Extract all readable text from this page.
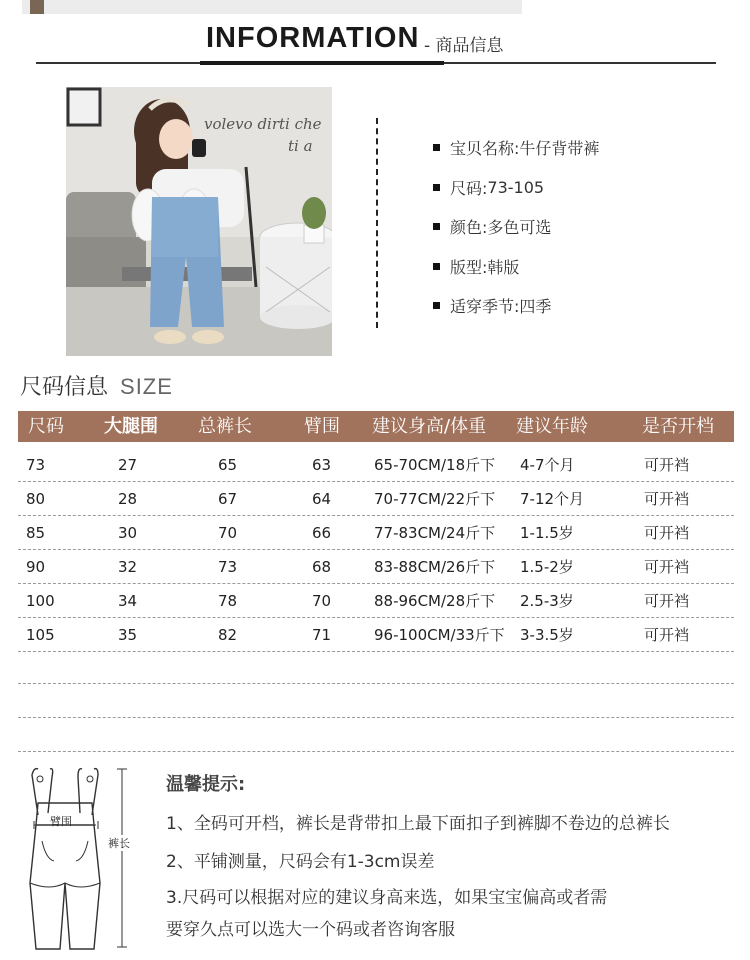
INFORMATION - 商品信息
volevo dirti che
ti a	宝贝名称: 牛仔背带裤
尺码: 73-105
颜色: 多色可选
版型: 韩版
适穿季节: 四季
尺码信息 SIZE
尺码 大腿围 总裤长	臂围 建议身高/体重 建议年龄	是否开档
73	27	65	63	65-70CM/18斤下 4-7个月	可开裆
80	28	67	64	70-77CM/22斤下 7-12个月	可开裆
85	30	70	66	77-83CM/24斤下 1-1.5岁	可开裆
90	32	73	68	83-88CM/26斤下 1.5-2岁	可开裆
100	34	78	70	88-96CM/28斤下 2.5-3岁	可开裆
105	35	82	71	96-100CM/33斤下 3-3.5岁	可开裆
臂围
裤长
温馨提示:
1、全码可开档，裤长是背带扣上最下面扣子到裤脚不卷边的总裤长
2、平铺测量，尺码会有1-3cm误差
3.尺码可以根据对应的建议身高来选，如果宝宝偏高或者需
要穿久点可以选大一个码或者咨询客服
